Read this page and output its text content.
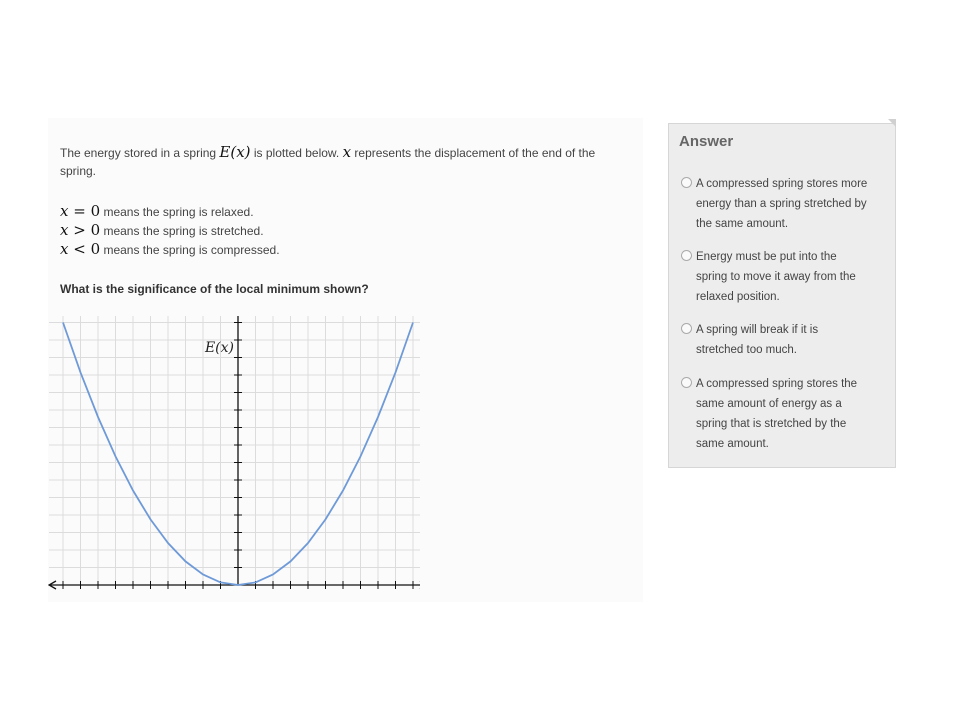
The energy stored in a spring E(x) is plotted below. x represents the displacement of the end of the
spring.
x = 0 means the spring is relaxed.
x > 0 means the spring is stretched.
x < 0 means the spring is compressed.
What is the significance of the local minimum shown?
E(x)
Answer
A compressed spring stores more
energy than a spring stretched by
the same amount.
Energy must be put into the
spring to move it away from the
relaxed position.
A spring will break if it is
stretched too much.
A compressed spring stores the
same amount of energy as a
spring that is stretched by the
same amount.
